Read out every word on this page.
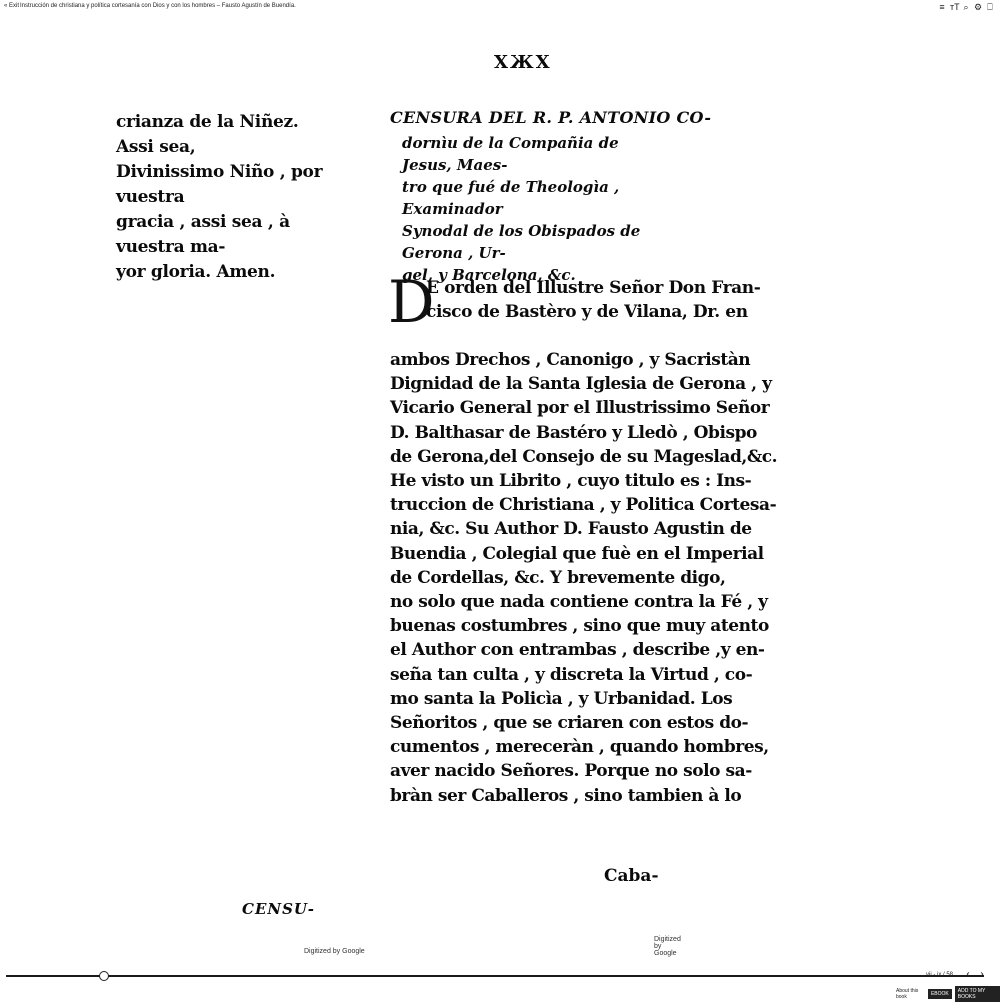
« Exit Instrucción de christiana y política cortesanía con Dios y con los hombres – Fausto Agustín de Buendía.	≡ ᴛT ⌕ ⚙ ⎕
crianza de la Niñez. Assi sea,
Divinissimo Niño , por vuestra
gracia , assi sea , à vuestra ma-
yor gloria. Amen.
CENSU-
Digitized by Google
XЖX
CENSURA DEL R. P. ANTONIO CO-
dornìu de la Compañia de Jesus, Maes-
tro que fué de Theologìa , Examinador
Synodal de los Obispados de Gerona , Ur-
gel, y Barcelona, &c.
D
E orden del Illustre Señor Don Fran-
cisco de Bastèro y de Vilana, Dr. en
ambos Drechos , Canonigo , y Sacristàn
Dignidad de la Santa Iglesia de Gerona , y
Vicario General por el Illustrissimo Señor
D. Balthasar de Bastéro y Lledò , Obispo
de Gerona,del Consejo de su Mageslad,&c.
He visto un Librito , cuyo titulo es : Ins-
truccion de Christiana , y Politica Cortesa-
nia, &c. Su Author D. Fausto Agustin de
Buendia , Colegial que fuè en el Imperial
de Cordellas, &c. Y brevemente digo,
no solo que nada contiene contra la Fé , y
buenas costumbres , sino que muy atento
el Author con entrambas , describe ,y en-
seña tan culta , y discreta la Virtud , co-
mo santa la Policìa , y Urbanidad. Los
Señoritos , que se criaren con estos do-
cumentos , mereceràn , quando hombres,
aver nacido Señores. Porque no solo sa-
bràn ser Caballeros , sino tambien à lo
Caba-
Digitized by Google
vii - ix / 58 ‹ ›
About this book	EBOOK	ADD TO MY BOOKS
